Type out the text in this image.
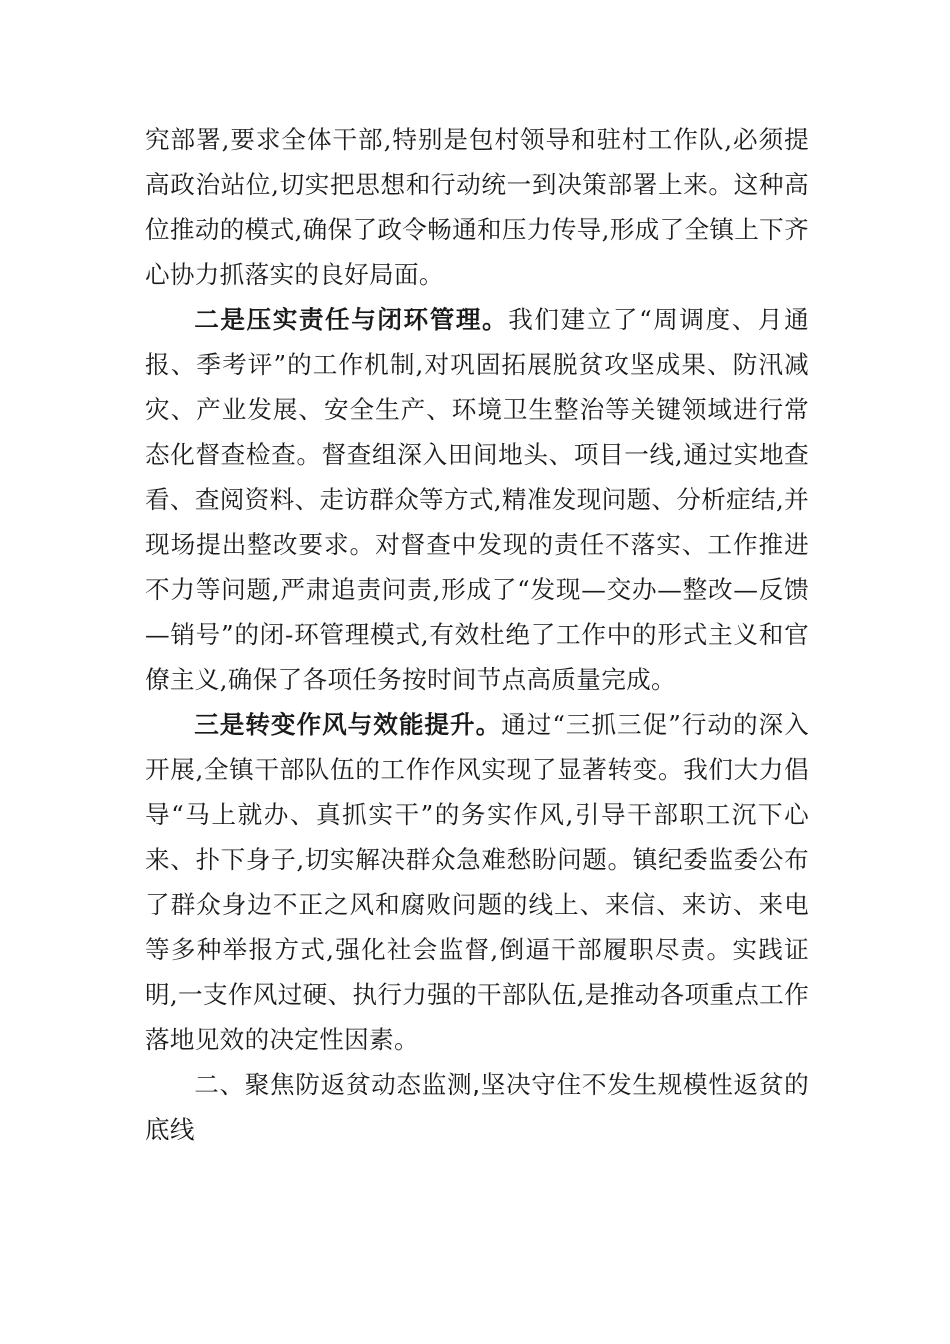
究部署,要求全体干部,特别是包村领导和驻村工作队,必须提高政治站位,切实把思想和行动统一到决策部署上来。这种高位推动的模式,确保了政令畅通和压力传导,形成了全镇上下齐心协力抓落实的良好局面。

二是压实责任与闭环管理。我们建立了“周调度、月通报、季考评”的工作机制,对巩固拓展脱贫攻坚成果、防汛减灾、产业发展、安全生产、环境卫生整治等关键领域进行常态化督查检查。督查组深入田间地头、项目一线,通过实地查看、查阅资料、走访群众等方式,精准发现问题、分析症结,并现场提出整改要求。对督查中发现的责任不落实、工作推进不力等问题,严肃追责问责,形成了“发现—交办—整改—反馈—销号”的闭-环管理模式,有效杜绝了工作中的形式主义和官僚主义,确保了各项任务按时间节点高质量完成。

三是转变作风与效能提升。通过“三抓三促”行动的深入开展,全镇干部队伍的工作作风实现了显著转变。我们大力倡导“马上就办、真抓实干”的务实作风,引导干部职工沉下心来、扑下身子,切实解决群众急难愁盼问题。镇纪委监委公布了群众身边不正之风和腐败问题的线上、来信、来访、来电等多种举报方式,强化社会监督,倒逼干部履职尽责。实践证明,一支作风过硬、执行力强的干部队伍,是推动各项重点工作落地见效的决定性因素。

二、聚焦防返贫动态监测,坚决守住不发生规模性返贫的底线
